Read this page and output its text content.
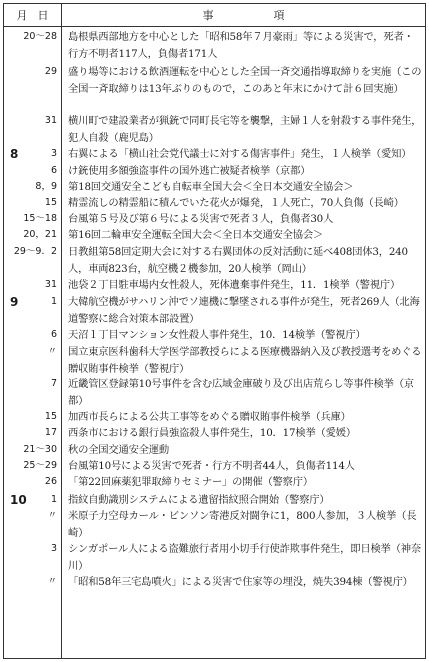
月 日	事	項
20〜28	島根県西部地方を中心とした「昭和58年７月豪雨」等による災害で，死者・行方不明者117人，負傷者171人
29	盛り場等における飲酒運転を中心とした全国一斉交通指導取締りを実施（この全国一斉取締りは13年ぶりのもので，このあと年末にかけて計６回実施）
31	横川町で建設業者が猟銃で同町長宅等を襲撃，主婦１人を射殺する事件発生，犯人自殺（鹿児島）
8	3	右翼による「横山社会党代議士に対する傷害事件」発生，１人検挙（愛知）
6	け銃使用多額強盗事件の国外逃亡被疑者検挙（京都）
8，9	第18回交通安全こども自転車全国大会＜全日本交通安全協会＞
15	精霊流しの精霊船に積んでいた花火が爆発，１人死亡，70人負傷（長崎）
15〜18	台風第５号及び第６号による災害で死者３人，負傷者30人
20，21	第16回二輪車安全運転全国大会＜全日本交通安全協会＞
29〜9．2	日教組第58回定期大会に対する右翼団体の反対活動に延べ408団体3，240人，車両823台，航空機２機参加，20人検挙（岡山）
31	池袋２丁目駐車場内女性殺人，死体遺棄事件発生，11．1検挙（警視庁）
9	1	大韓航空機がサハリン沖でソ連機に撃墜される事件が発生，死者269人（北海道警察に総合対策本部設置）
6	天沼１丁目マンション女性殺人事件発生，10．14検挙（警視庁）
〃	国立東京医科歯科大学医学部教授らによる医療機器納入及び教授選考をめぐる贈収賄事件検挙（警視庁）
7	近畿管区登録第10号事件を含む広域金庫破り及び出店荒らし等事件検挙（京都）
15	加西市長らによる公共工事等をめぐる贈収賄事件検挙（兵庫）
17	西条市における銀行員強盗殺人事件発生，10．17検挙（愛媛）
21〜30	秋の全国交通安全運動
25〜29	台風第10号による災害で死者・行方不明者44人，負傷者114人
26	「第22回麻薬犯罪取締りセミナー」の開催（警察庁）
10	1	指紋自動識別システムによる遺留指紋照合開始（警察庁）
〃	米原子力空母カール・ビンソン寄港反対闘争に1，800人参加，３人検挙（長崎）
3	シンガポール人による盗難旅行者用小切手行使詐欺事件発生，即日検挙（神奈川）
〃	「昭和58年三宅島噴火」による災害で住家等の埋没，焼失394棟（警視庁）
